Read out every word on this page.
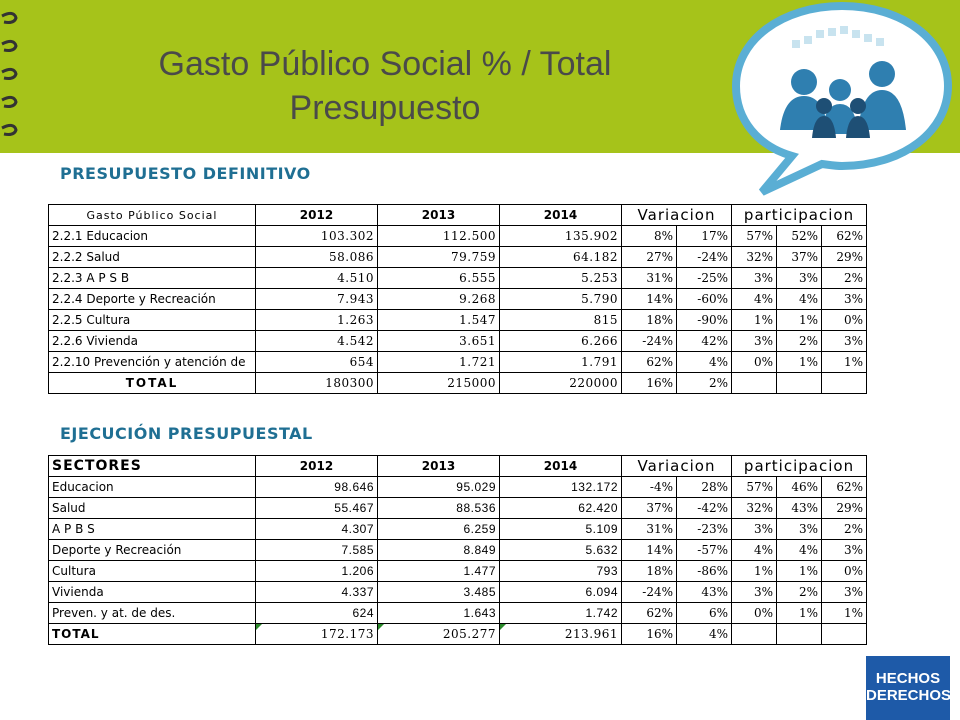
Gasto Público Social % / Total
Presupuesto
PRESUPUESTO DEFINITIVO
Gasto Público Social	2012	2013	2014	Variacion		participacion		
2.2.1 Educacion	103.302	112.500	135.902	8%	17%	57%	52%	62%
2.2.2 Salud	58.086	79.759	64.182	27%	-24%	32%	37%	29%
2.2.3 A P S B	4.510	6.555	5.253	31%	-25%	3%	3%	2%
2.2.4 Deporte y Recreación	7.943	9.268	5.790	14%	-60%	4%	4%	3%
2.2.5 Cultura	1.263	1.547	815	18%	-90%	1%	1%	0%
2.2.6 Vivienda	4.542	3.651	6.266	-24%	42%	3%	2%	3%
2.2.10 Prevención y atención de	654	1.721	1.791	62%	4%	0%	1%	1%
TOTAL	180300	215000	220000	16%	2%			
EJECUCIÓN PRESUPUESTAL
SECTORES	2012	2013	2014	Variacion		participacion		
Educacion	98.646	95.029	132.172	-4%	28%	57%	46%	62%
Salud	55.467	88.536	62.420	37%	-42%	32%	43%	29%
A P B S	4.307	6.259	5.109	31%	-23%	3%	3%	2%
Deporte y Recreación	7.585	8.849	5.632	14%	-57%	4%	4%	3%
Cultura	1.206	1.477	793	18%	-86%	1%	1%	0%
Vivienda	4.337	3.485	6.094	-24%	43%	3%	2%	3%
Preven. y at. de des.	624	1.643	1.742	62%	6%	0%	1%	1%
TOTAL	172.173	205.277	213.961	16%	4%			
HECHOS
DERECHOS
